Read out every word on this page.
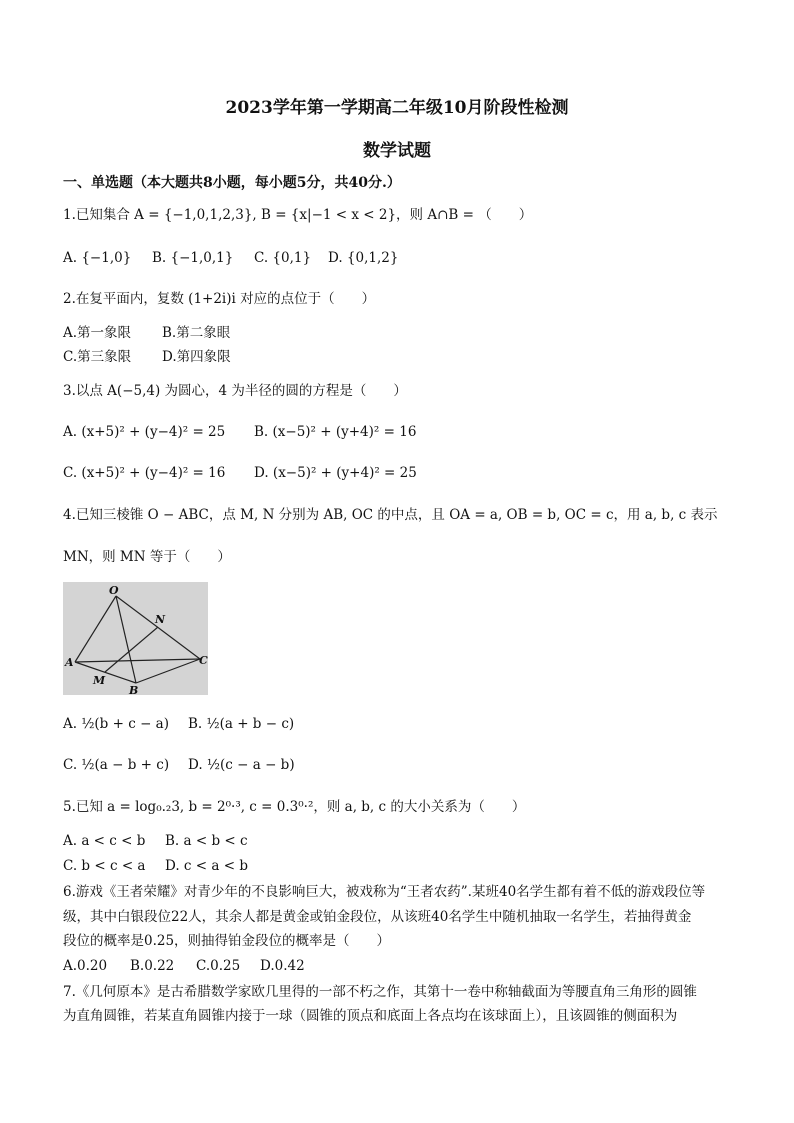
2023学年第一学期高二年级10月阶段性检测
数学试题
一、单选题（本大题共8小题，每小题5分，共40分.）
1.已知集合 A = {−1,0,1,2,3}, B = {x|−1 < x < 2}，则 A∩B = （　　）
A. {−1,0} B. {−1,0,1} C. {0,1} D. {0,1,2}
2.在复平面内，复数 (1+2i)i 对应的点位于（　　）
A.第一象限 B.第二象眼
C.第三象限 D.第四象限
3.以点 A(−5,4) 为圆心，4 为半径的圆的方程是（　　）
A. (x+5)² + (y−4)² = 25 B. (x−5)² + (y+4)² = 16
C. (x+5)² + (y−4)² = 16 D. (x−5)² + (y+4)² = 25
4.已知三棱锥 O − ABC，点 M, N 分别为 AB, OC 的中点，且 OA = a, OB = b, OC = c，用 a, b, c 表示
MN，则 MN 等于（　　）
O
N
A	C
M
B
A. ½(b + c − a) B. ½(a + b − c)
C. ½(a − b + c) D. ½(c − a − b)
5.已知 a = log₀.₂3, b = 2⁰·³, c = 0.3⁰·²，则 a, b, c 的大小关系为（　　）
A. a < c < b B. a < b < c
C. b < c < a D. c < a < b
6.游戏《王者荣耀》对青少年的不良影响巨大，被戏称为“王者农药”.某班40名学生都有着不低的游戏段位等
级，其中白银段位22人，其余人都是黄金或铂金段位，从该班40名学生中随机抽取一名学生，若抽得黄金
段位的概率是0.25，则抽得铂金段位的概率是（　　）
A.0.20 B.0.22 C.0.25 D.0.42
7.《几何原本》是古希腊数学家欧几里得的一部不朽之作，其第十一卷中称轴截面为等腰直角三角形的圆锥
为直角圆锥，若某直角圆锥内接于一球（圆锥的顶点和底面上各点均在该球面上），且该圆锥的侧面积为
